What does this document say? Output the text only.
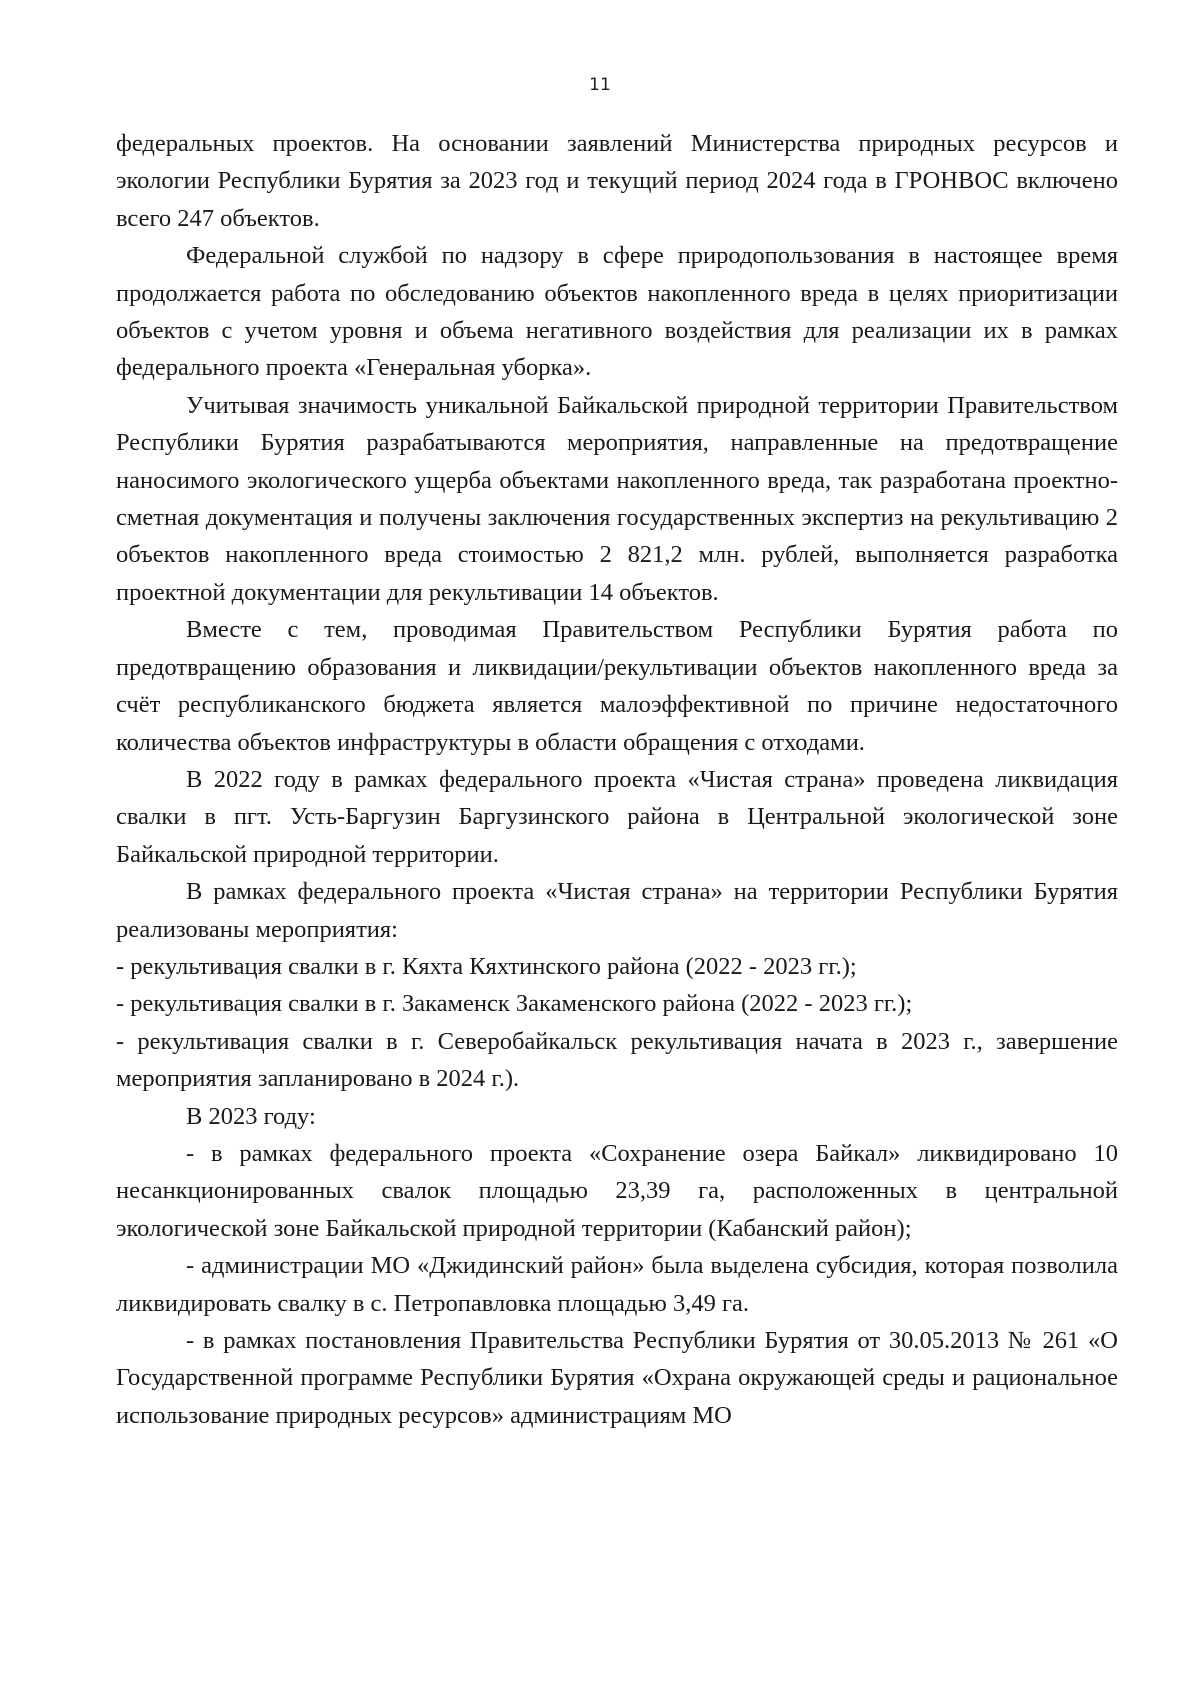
11

федеральных проектов. На основании заявлений Министерства природных ресурсов и экологии Республики Бурятия за 2023 год и текущий период 2024 года в ГРОНВОС включено всего 247 объектов.

Федеральной службой по надзору в сфере природопользования в настоящее время продолжается работа по обследованию объектов накопленного вреда в целях приоритизации объектов с учетом уровня и объема негативного воздействия для реализации их в рамках федерального проекта «Генеральная уборка».

Учитывая значимость уникальной Байкальской природной территории Правительством Республики Бурятия разрабатываются мероприятия, направленные на предотвращение наносимого экологического ущерба объектами накопленного вреда, так разработана проектно-сметная документация и получены заключения государственных экспертиз на рекультивацию 2 объектов накопленного вреда стоимостью 2 821,2 млн. рублей, выполняется разработка проектной документации для рекультивации 14 объектов.

Вместе с тем, проводимая Правительством Республики Бурятия работа по предотвращению образования и ликвидации/рекультивации объектов накопленного вреда за счёт республиканского бюджета является малоэффективной по причине недостаточного количества объектов инфраструктуры в области обращения с отходами.

В 2022 году в рамках федерального проекта «Чистая страна» проведена ликвидация свалки в пгт. Усть-Баргузин Баргузинского района в Центральной экологической зоне Байкальской природной территории.

В рамках федерального проекта «Чистая страна» на территории Республики Бурятия реализованы мероприятия:

- рекультивация свалки в г. Кяхта Кяхтинского района (2022 - 2023 гг.);

- рекультивация свалки в г. Закаменск Закаменского района (2022 - 2023 гг.);

- рекультивация свалки в г. Северобайкальск рекультивация начата в 2023 г., завершение мероприятия запланировано в 2024 г.).

В 2023 году:

- в рамках федерального проекта «Сохранение озера Байкал» ликвидировано 10 несанкционированных свалок площадью 23,39 га, расположенных в центральной экологической зоне Байкальской природной территории (Кабанский район);

- администрации МО «Джидинский район» была выделена субсидия, которая позволила ликвидировать свалку в с. Петропавловка площадью 3,49 га.

- в рамках постановления Правительства Республики Бурятия от 30.05.2013 № 261 «О Государственной программе Республики Бурятия «Охрана окружающей среды и рациональное использование природных ресурсов» администрациям МО
